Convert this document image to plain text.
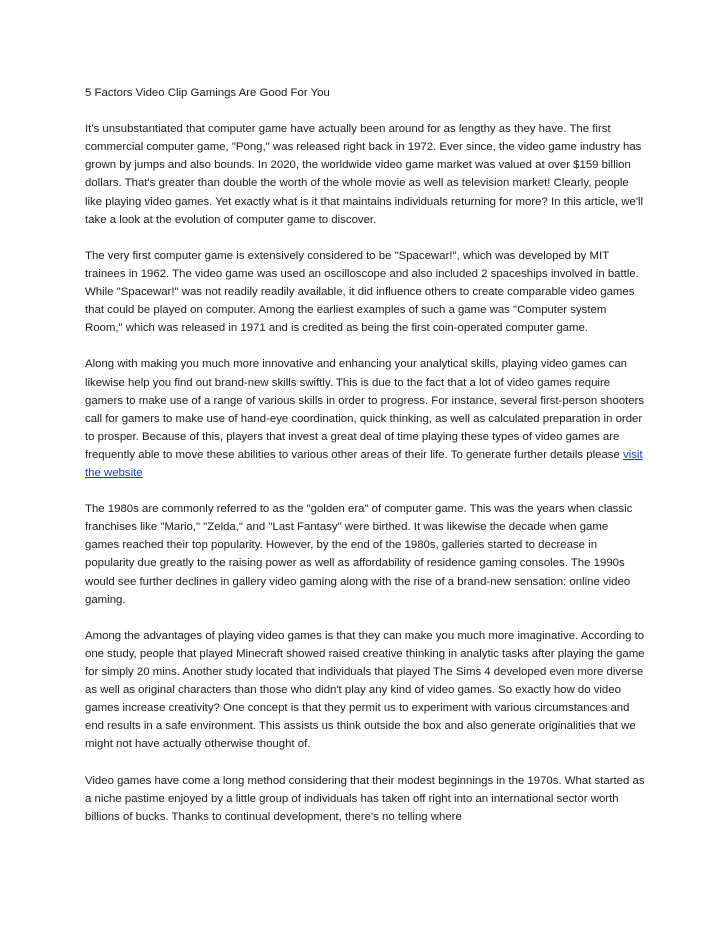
5 Factors Video Clip Gamings Are Good For You

It's unsubstantiated that computer game have actually been around for as lengthy as they have. The first commercial computer game, "Pong," was released right back in 1972. Ever since, the video game industry has grown by jumps and also bounds. In 2020, the worldwide video game market was valued at over $159 billion dollars. That's greater than double the worth of the whole movie as well as television market! Clearly, people like playing video games. Yet exactly what is it that maintains individuals returning for more? In this article, we'll take a look at the evolution of computer game to discover.

The very first computer game is extensively considered to be "Spacewar!", which was developed by MIT trainees in 1962. The video game was used an oscilloscope and also included 2 spaceships involved in battle. While "Spacewar!" was not readily readily available, it did influence others to create comparable video games that could be played on computer. Among the earliest examples of such a game was "Computer system Room," which was released in 1971 and is credited as being the first coin-operated computer game.

Along with making you much more innovative and enhancing your analytical skills, playing video games can likewise help you find out brand-new skills swiftly. This is due to the fact that a lot of video games require gamers to make use of a range of various skills in order to progress. For instance, several first-person shooters call for gamers to make use of hand-eye coordination, quick thinking, as well as calculated preparation in order to prosper. Because of this, players that invest a great deal of time playing these types of video games are frequently able to move these abilities to various other areas of their life. To generate further details please visit the website

The 1980s are commonly referred to as the "golden era" of computer game. This was the years when classic franchises like "Mario," "Zelda," and "Last Fantasy" were birthed. It was likewise the decade when game games reached their top popularity. However, by the end of the 1980s, galleries started to decrease in popularity due greatly to the raising power as well as affordability of residence gaming consoles. The 1990s would see further declines in gallery video gaming along with the rise of a brand-new sensation: online video gaming.

Among the advantages of playing video games is that they can make you much more imaginative. According to one study, people that played Minecraft showed raised creative thinking in analytic tasks after playing the game for simply 20 mins. Another study located that individuals that played The Sims 4 developed even more diverse as well as original characters than those who didn't play any kind of video games. So exactly how do video games increase creativity? One concept is that they permit us to experiment with various circumstances and end results in a safe environment. This assists us think outside the box and also generate originalities that we might not have actually otherwise thought of.

Video games have come a long method considering that their modest beginnings in the 1970s. What started as a niche pastime enjoyed by a little group of individuals has taken off right into an international sector worth billions of bucks. Thanks to continual development, there's no telling where
